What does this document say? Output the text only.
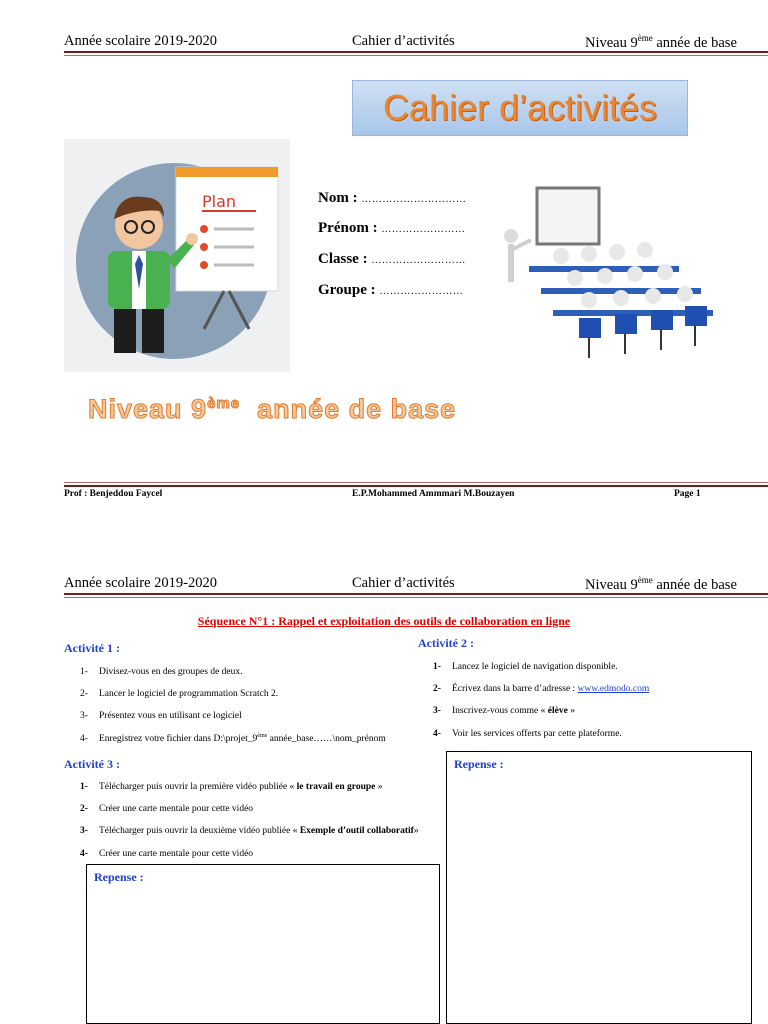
Année scolaire 2019-2020	Cahier d’activités	Niveau 9ème année de base
Cahier d’activités
Plan	Nom : …………………………
Prénom : ……………………
Classe : ………………………
Groupe : ……………………
Niveau 9ème  année de base
Prof : Benjeddou Faycel	E.P.Mohammed Ammmari M.Bouzayen	Page 1
Année scolaire 2019-2020	Cahier d’activités	Niveau 9ème année de base
Séquence N°1 : Rappel et exploitation des outils de collaboration en ligne
Activité 1 :
1- Divisez-vous en des groupes de deux.
2- Lancer le logiciel de programmation Scratch 2.
3- Présentez vous en utilisant ce logiciel
4- Enregistrez votre fichier dans D:\projet_9ème année_base……\nom_prénom
Activité 2 :
1- Lancez le logiciel de navigation disponible.
2- Écrivez dans la barre d’adresse : www.edmodo.com
3- Inscrivez-vous comme « élève »
4- Voir les services offerts par cette plateforme.
Activité 3 :
1- Télécharger puis ouvrir la première vidéo publiée « le travail en groupe »
2- Créer une carte mentale pour cette vidéo
3- Télécharger puis ouvrir la deuxième vidéo publiée « Exemple d’outil collaboratif»
4- Créer une carte mentale pour cette vidéo
Repense :
Repense :
